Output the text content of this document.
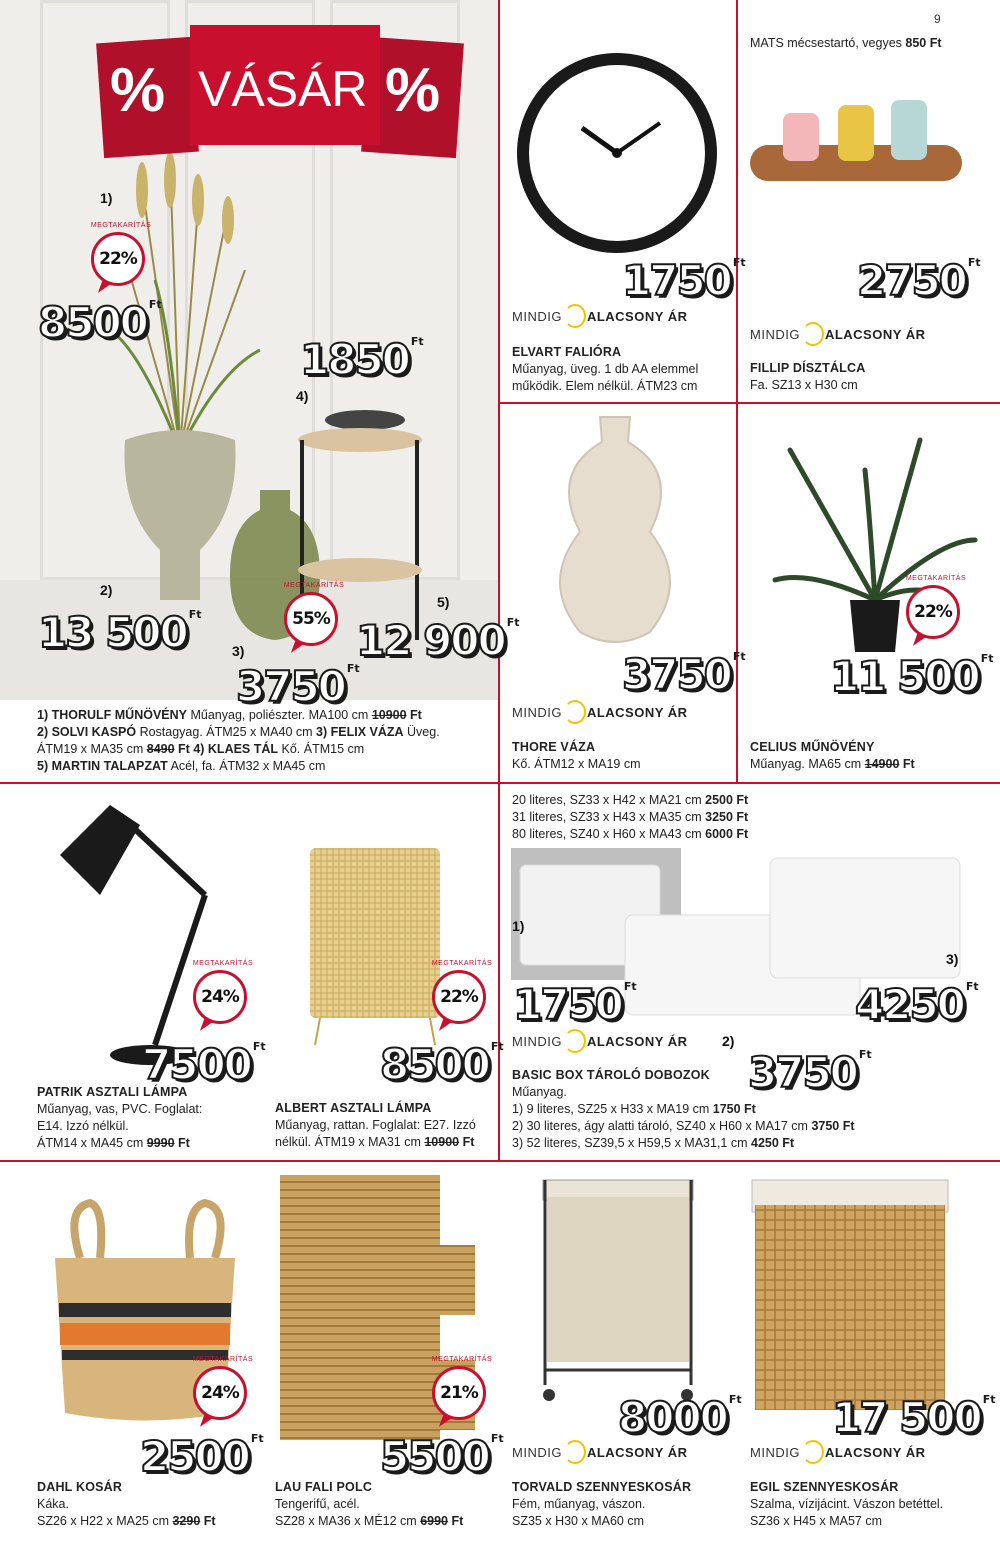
9
% VÁSÁR %
1)
MEGTAKARÍTÁS
22%
8500 $^{Ft}$
1850 $^{Ft}$
4)
2)
13 500 $^{Ft}$
MEGTAKARÍTÁS
55%
5)
12 900 $^{Ft}$
3)
3750 $^{Ft}$
1) THORULF MŰNÖVÉNY Műanyag, poliészter. MA100 cm 10900 Ft
2) SOLVI KASPÓ Rostagyag. ÁTM25 x MA40 cm 3) FELIX VÁZA Üveg.
ÁTM19 x MA35 cm 8490 Ft 4) KLAES TÁL Kő. ÁTM15 cm
5) MARTIN TALAPZAT Acél, fa. ÁTM32 x MA45 cm
1750 $^{Ft}$
MINDIG ALACSONY ÁR
ELVART FALIÓRA
Műanyag, üveg. 1 db AA elemmel
működik. Elem nélkül. ÁTM23 cm
MATS mécsestartó, vegyes 850 Ft
2750 $^{Ft}$
MINDIG ALACSONY ÁR
FILLIP DÍSZTÁLCA
Fa. SZ13 x H30 cm
3750 $^{Ft}$
MINDIG ALACSONY ÁR
THORE VÁZA
Kő. ÁTM12 x MA19 cm
MEGTAKARÍTÁS
22%
11 500 $^{Ft}$
CELIUS MŰNÖVÉNY
Műanyag. MA65 cm 14900 Ft
MEGTAKARÍTÁS
24%
7500 $^{Ft}$
PATRIK ASZTALI LÁMPA
Műanyag, vas, PVC. Foglalat:
E14. Izzó nélkül.
ÁTM14 x MA45 cm 9990 Ft
MEGTAKARÍTÁS
22%
8500 $^{Ft}$
ALBERT ASZTALI LÁMPA
Műanyag, rattan. Foglalat: E27. Izzó
nélkül. ÁTM19 x MA31 cm 10900 Ft
20 literes, SZ33 x H42 x MA21 cm 2500 Ft
31 literes, SZ33 x H43 x MA35 cm 3250 Ft
80 literes, SZ40 x H60 x MA43 cm 6000 Ft
1)
3)
1750 $^{Ft}$	4250 $^{Ft}$
MINDIG ALACSONY ÁR 2)
3750 $^{Ft}$
BASIC BOX TÁROLÓ DOBOZOK
Műanyag.
1) 9 literes, SZ25 x H33 x MA19 cm 1750 Ft
2) 30 literes, ágy alatti tároló, SZ40 x H60 x MA17 cm 3750 Ft
3) 52 literes, SZ39,5 x H59,5 x MA31,1 cm 4250 Ft
MEGTAKARÍTÁS
24%
2500 $^{Ft}$
DAHL KOSÁR
Káka.
SZ26 x H22 x MA25 cm 3290 Ft
MEGTAKARÍTÁS
21%
5500 $^{Ft}$
LAU FALI POLC
Tengerifű, acél.
SZ28 x MA36 x MÉ12 cm 6990 Ft
8000 $^{Ft}$
MINDIG ALACSONY ÁR
TORVALD SZENNYESKOSÁR
Fém, műanyag, vászon.
SZ35 x H30 x MA60 cm
17 500 $^{Ft}$
MINDIG ALACSONY ÁR
EGIL SZENNYESKOSÁR
Szalma, vízijácint. Vászon betéttel.
SZ36 x H45 x MA57 cm
